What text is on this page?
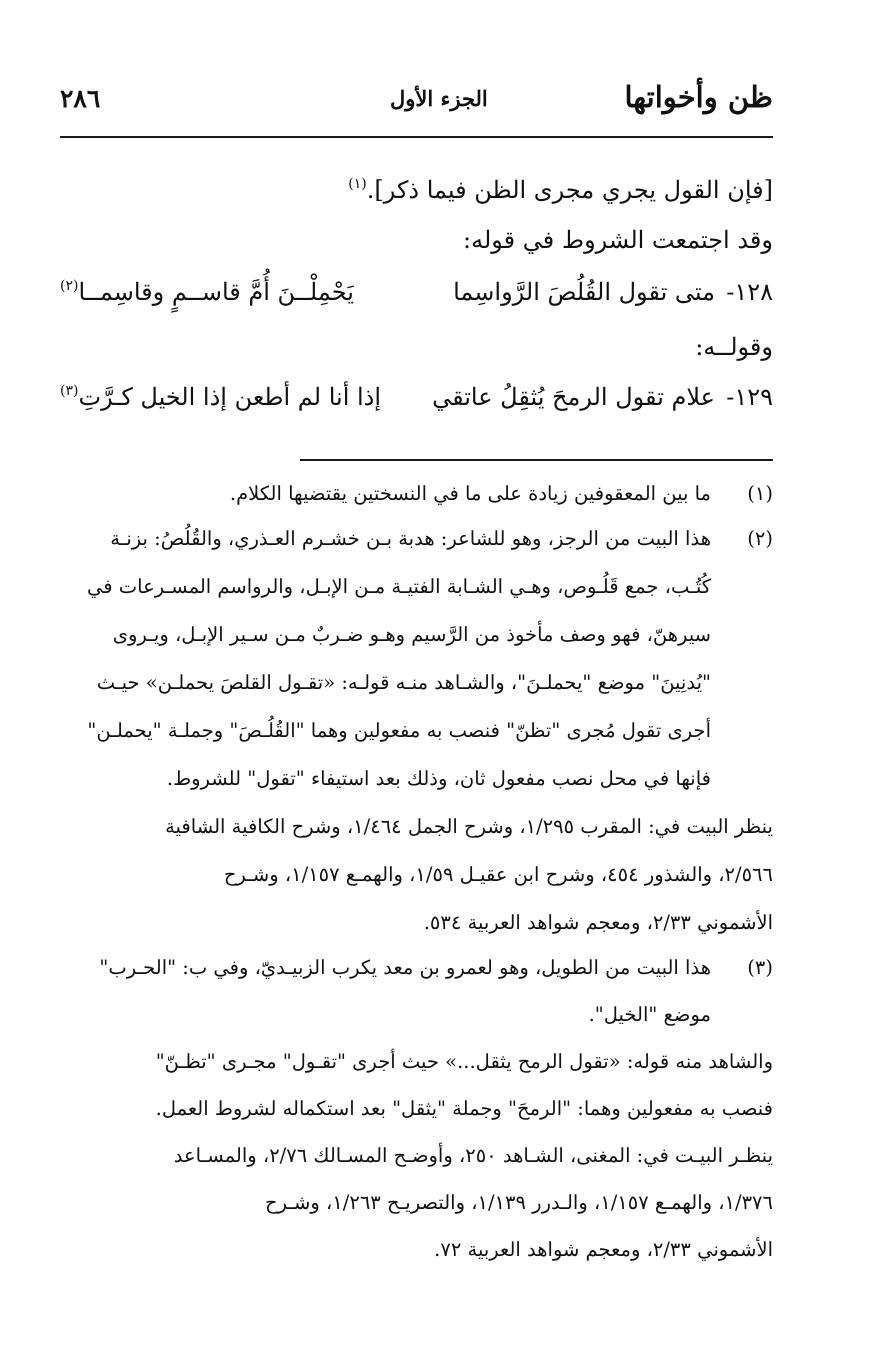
ظن وأخواتها
الجزء الأول
٢٨٦
[فإن القول يجري مجرى الظن فيما ذكر].$^{(١)}$
وقد اجتمعت الشروط في قوله:
١٢٨-
متى تقول القُلُصَ الرَّواسِما
يَحْمِلْــنَ أُمَّ قاســمٍ وقاسِمــا$^{(٢)}$
وقولــه:
١٢٩-
علام تقول الرمحَ يُثقِلُ عاتقي
إذا أنا لم أطعن إذا الخيل كـرَّتِ$^{(٣)}$
(١)
ما بين المعقوفين زيادة على ما في النسختين يقتضيها الكلام.
(٢)
هذا البيت من الرجز، وهو للشاعر: هدبة بـن خشـرم العـذري، والقُلُصُ: بزنـة
كُتُـب، جمع قَلُـوص، وهـي الشـابة الفتيـة مـن الإبـل، والرواسم المسـرعات في
سيرهنّ، فهو وصف مأخوذ من الرَّسيم وهـو ضـربٌ مـن سـير الإبـل، ويـروى
"يُدنِينَ" موضع "يحملـنَ"، والشـاهد منـه قولـه: «تقـول القلصَ يحملـن» حيـث
أجرى تقول مُجرى "تظنّ" فنصب به مفعولين وهما "القُلُـصَ" وجملـة "يحملـن"
فإنها في محل نصب مفعول ثان، وذلك بعد استيفاء "تقول" للشروط.
ينظر البيت في: المقرب ١/٢٩٥، وشرح الجمل ١/٤٦٤، وشرح الكافية الشافية
٢/٥٦٦، والشذور ٤٥٤، وشرح ابن عقيـل ١/٥٩، والهمـع ١/١٥٧، وشـرح
الأشموني ٢/٣٣، ومعجم شواهد العربية ٥٣٤.
(٣)
هذا البيت من الطويل، وهو لعمرو بن معد يكرب الزبيـديّ، وفي ب: "الحـرب"
موضع "الخيل".
والشاهد منه قوله: «تقول الرمح يثقل...» حيث أجرى "تقـول" مجـرى "تظـنّ"
فنصب به مفعولين وهما: "الرمحَ" وجملة "يثقل" بعد استكماله لشروط العمل.
ينظـر البيـت في: المغنى، الشـاهد ٢٥٠، وأوضـح المسـالك ٢/٧٦، والمسـاعد
١/٣٧٦، والهمـع ١/١٥٧، والـدرر ١/١٣٩، والتصريـح ١/٢٦٣، وشـرح
الأشموني ٢/٣٣، ومعجم شواهد العربية ٧٢.
